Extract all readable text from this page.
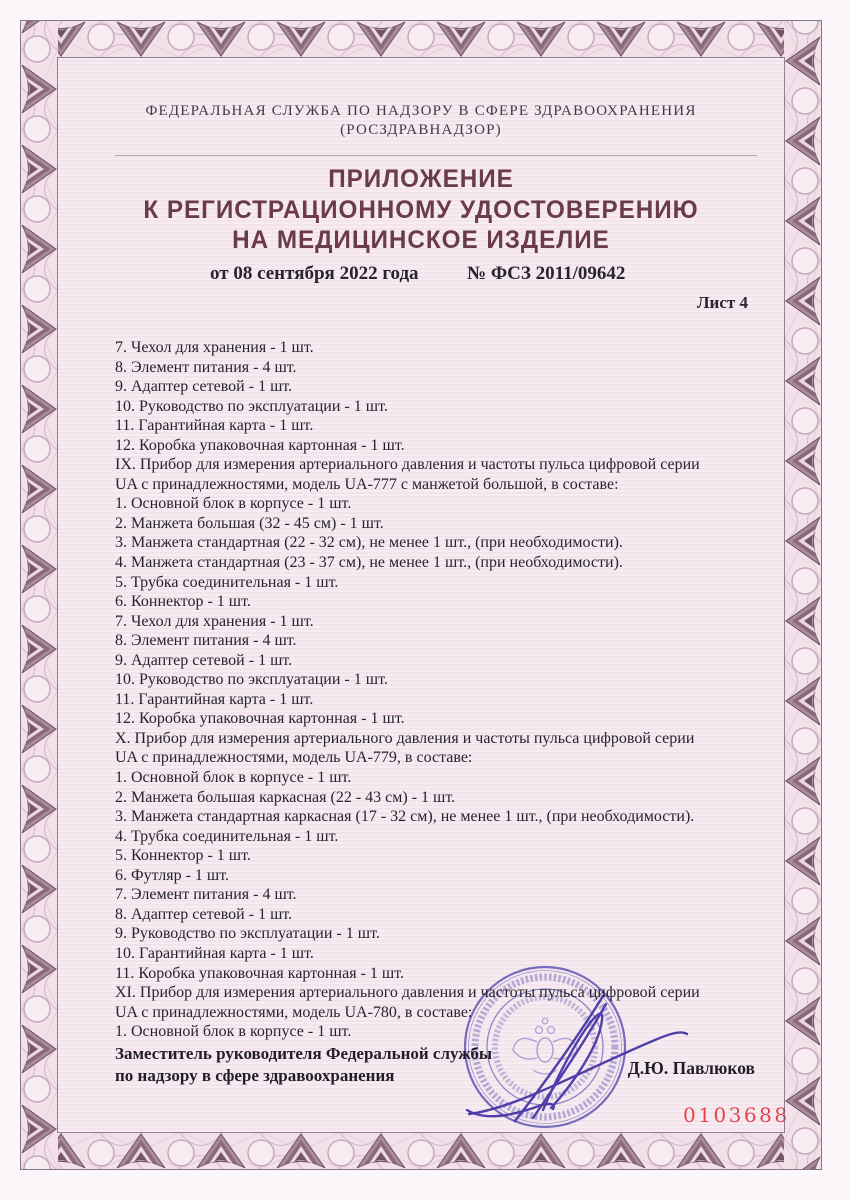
ФЕДЕРАЛЬНАЯ СЛУЖБА ПО НАДЗОРУ В СФЕРЕ ЗДРАВООХРАНЕНИЯ
(РОСЗДРАВНАДЗОР)
ПРИЛОЖЕНИЕ
К РЕГИСТРАЦИОННОМУ УДОСТОВЕРЕНИЮ
НА МЕДИЦИНСКОЕ ИЗДЕЛИЕ
от 08 сентября 2022 года	№ ФСЗ 2011/09642
Лист 4
7. Чехол для хранения - 1 шт.
8. Элемент питания - 4 шт.
9. Адаптер сетевой - 1 шт.
10. Руководство по эксплуатации - 1 шт.
11. Гарантийная карта - 1 шт.
12. Коробка упаковочная картонная - 1 шт.
IX. Прибор для измерения артериального давления и частоты пульса цифровой серии
UA с принадлежностями, модель UA-777 с манжетой большой, в составе:
1. Основной блок в корпусе - 1 шт.
2. Манжета большая (32 - 45 см) - 1 шт.
3. Манжета стандартная (22 - 32 см), не менее 1 шт., (при необходимости).
4. Манжета стандартная (23 - 37 см), не менее 1 шт., (при необходимости).
5. Трубка соединительная - 1 шт.
6. Коннектор - 1 шт.
7. Чехол для хранения - 1 шт.
8. Элемент питания - 4 шт.
9. Адаптер сетевой - 1 шт.
10. Руководство по эксплуатации - 1 шт.
11. Гарантийная карта - 1 шт.
12. Коробка упаковочная картонная - 1 шт.
X. Прибор для измерения артериального давления и частоты пульса цифровой серии
UA с принадлежностями, модель UA-779, в составе:
1. Основной блок в корпусе - 1 шт.
2. Манжета большая каркасная (22 - 43 см) - 1 шт.
3. Манжета стандартная каркасная (17 - 32 см), не менее 1 шт., (при необходимости).
4. Трубка соединительная - 1 шт.
5. Коннектор - 1 шт.
6. Футляр - 1 шт.
7. Элемент питания - 4 шт.
8. Адаптер сетевой - 1 шт.
9. Руководство по эксплуатации - 1 шт.
10. Гарантийная карта - 1 шт.
11. Коробка упаковочная картонная - 1 шт.
XI. Прибор для измерения артериального давления и частоты пульса цифровой серии
UA с принадлежностями, модель UA-780, в составе:
1. Основной блок в корпусе - 1 шт.
Заместитель руководителя Федеральной службы
по надзору в сфере здравоохранения	Д.Ю. Павлюков
0103688
